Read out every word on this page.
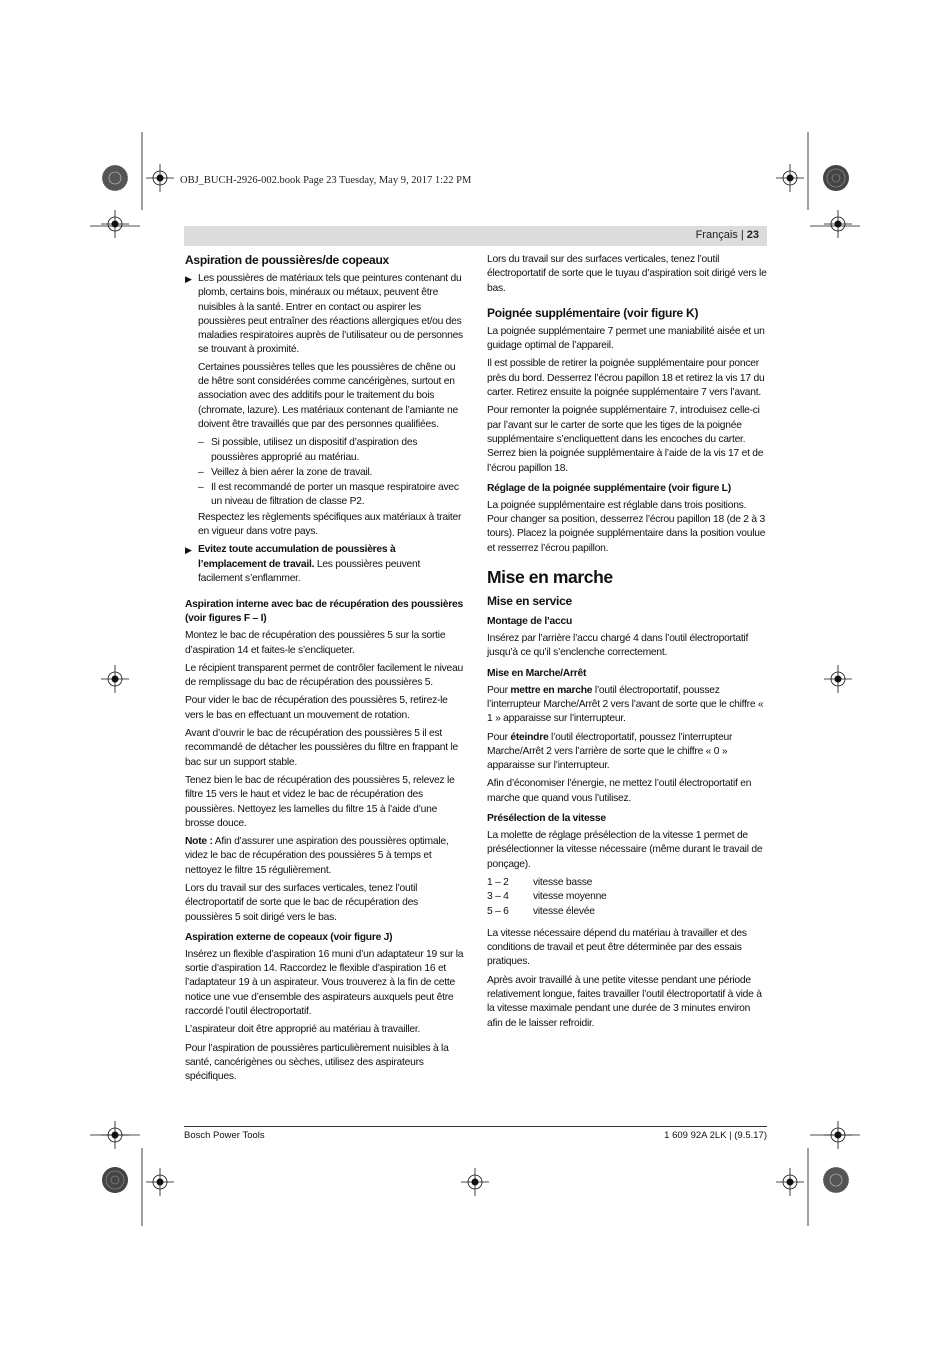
OBJ_BUCH-2926-002.book Page 23 Tuesday, May 9, 2017 1:22 PM
Français | 23
Aspiration de poussières/de copeaux
▶ Les poussières de matériaux tels que peintures contenant du plomb, certains bois, minéraux ou métaux, peuvent être nuisibles à la santé. Entrer en contact ou aspirer les poussières peut entraîner des réactions allergiques et/ou des maladies respiratoires auprès de l’utilisateur ou de personnes se trouvant à proximité.

Certaines poussières telles que les poussières de chêne ou de hêtre sont considérées comme cancérigènes, surtout en association avec des additifs pour le traitement du bois (chromate, lazure). Les matériaux contenant de l’amiante ne doivent être travaillés que par des personnes qualifiées.

– Si possible, utilisez un dispositif d’aspiration des poussières approprié au matériau.
– Veillez à bien aérer la zone de travail.
– Il est recommandé de porter un masque respiratoire avec un niveau de filtration de classe P2.

Respectez les règlements spécifiques aux matériaux à traiter en vigueur dans votre pays.

▶ Evitez toute accumulation de poussières à l’emplacement de travail. Les poussières peuvent facilement s’enflammer.
Aspiration interne avec bac de récupération des poussières (voir figures F – I)

Montez le bac de récupération des poussières 5 sur la sortie d’aspiration 14 et faites-le s’encliqueter.

Le récipient transparent permet de contrôler facilement le niveau de remplissage du bac de récupération des poussières 5.

Pour vider le bac de récupération des poussières 5, retirez-le vers le bas en effectuant un mouvement de rotation.

Avant d’ouvrir le bac de récupération des poussières 5 il est recommandé de détacher les poussières du filtre en frappant le bac sur un support stable.

Tenez bien le bac de récupération des poussières 5, relevez le filtre 15 vers le haut et videz le bac de récupération des poussières. Nettoyez les lamelles du filtre 15 à l’aide d’une brosse douce.

Note : Afin d’assurer une aspiration des poussières optimale, videz le bac de récupération des poussières 5 à temps et nettoyez le filtre 15 régulièrement.

Lors du travail sur des surfaces verticales, tenez l’outil électroportatif de sorte que le bac de récupération des poussières 5 soit dirigé vers le bas.

Aspiration externe de copeaux (voir figure J)

Insérez un flexible d’aspiration 16 muni d’un adaptateur 19 sur la sortie d’aspiration 14. Raccordez le flexible d’aspiration 16 et l’adaptateur 19 à un aspirateur. Vous trouverez à la fin de cette notice une vue d’ensemble des aspirateurs auxquels peut être raccordé l’outil électroportatif.

L’aspirateur doit être approprié au matériau à travailler.

Pour l’aspiration de poussières particulièrement nuisibles à la santé, cancérigènes ou sèches, utilisez des aspirateurs spécifiques.

Lors du travail sur des surfaces verticales, tenez l’outil électroportatif de sorte que le tuyau d’aspiration soit dirigé vers le bas.

Poignée supplémentaire (voir figure K)

La poignée supplémentaire 7 permet une maniabilité aisée et un guidage optimal de l’appareil.

Il est possible de retirer la poignée supplémentaire pour poncer près du bord. Desserrez l’écrou papillon 18 et retirez la vis 17 du carter. Retirez ensuite la poignée supplémentaire 7 vers l’avant.

Pour remonter la poignée supplémentaire 7, introduisez celle-ci par l’avant sur le carter de sorte que les tiges de la poignée supplémentaire s’encliquettent dans les encoches du carter. Serrez bien la poignée supplémentaire à l’aide de la vis 17 et de l’écrou papillon 18.

Réglage de la poignée supplémentaire (voir figure L)

La poignée supplémentaire est réglable dans trois positions. Pour changer sa position, desserrez l’écrou papillon 18 (de 2 à 3 tours). Placez la poignée supplémentaire dans la position voulue et resserrez l’écrou papillon.

Mise en marche
Mise en service
Montage de l’accu

Insérez par l’arrière l’accu chargé 4 dans l’outil électroportatif jusqu’à ce qu’il s’enclenche correctement.

Mise en Marche/Arrêt

Pour mettre en marche l’outil électroportatif, poussez l’interrupteur Marche/Arrêt 2 vers l’avant de sorte que le chiffre « 1 » apparaisse sur l’interrupteur.

Pour éteindre l’outil électroportatif, poussez l’interrupteur Marche/Arrêt 2 vers l’arrière de sorte que le chiffre « 0 » apparaisse sur l’interrupteur.

Afin d’économiser l’énergie, ne mettez l’outil électroportatif en marche que quand vous l’utilisez.

Présélection de la vitesse

La molette de réglage présélection de la vitesse 1 permet de présélectionner la vitesse nécessaire (même durant le travail de ponçage).

1 – 2	vitesse basse
3 – 4	vitesse moyenne
5 – 6	vitesse élevée

La vitesse nécessaire dépend du matériau à travailler et des conditions de travail et peut être déterminée par des essais pratiques.

Après avoir travaillé à une petite vitesse pendant une période relativement longue, faites travailler l’outil électroportatif à vide à la vitesse maximale pendant une durée de 3 minutes environ afin de le laisser refroidir.

Bosch Power Tools	1 609 92A 2LK | (9.5.17)
